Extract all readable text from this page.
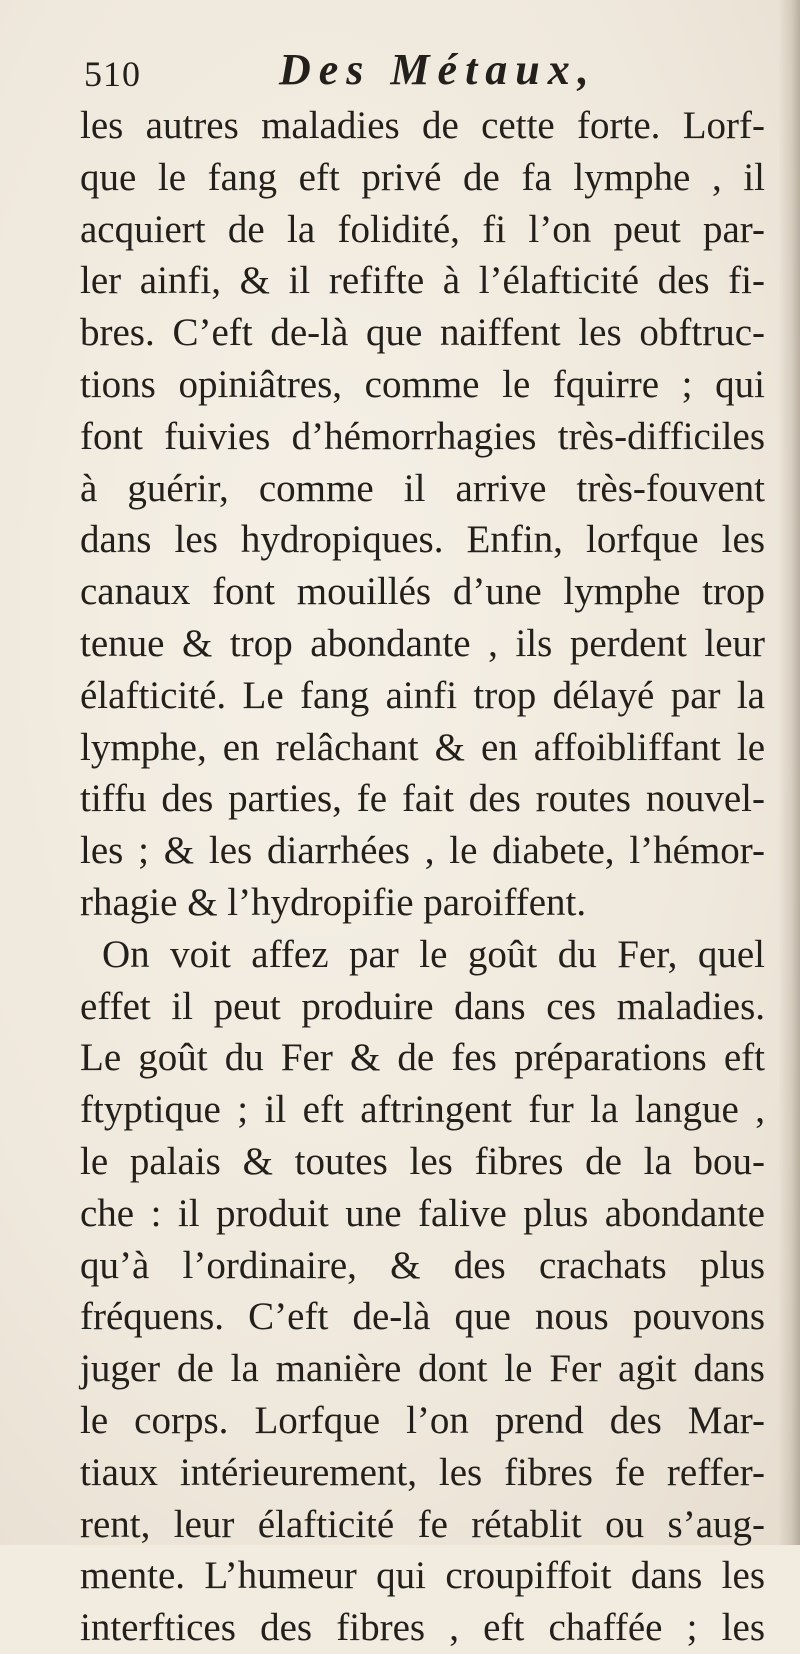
510	Des Métaux,
les autres maladies de cette forte. Lorf-
que le fang eft privé de fa lymphe , il
acquiert de la folidité, fi l’on peut par-
ler ainfi, & il refifte à l’élafticité des fi-
bres. C’eft de-là que naiffent les obftruc-
tions opiniâtres, comme le fquirre ; qui
font fuivies d’hémorrhagies très-difficiles
à guérir, comme il arrive très-fouvent
dans les hydropiques. Enfin, lorfque les
canaux font mouillés d’une lymphe trop
tenue & trop abondante , ils perdent leur
élafticité. Le fang ainfi trop délayé par la
lymphe, en relâchant & en affoibliffant le
tiffu des parties, fe fait des routes nouvel-
les ; & les diarrhées , le diabete, l’hémor-
rhagie & l’hydropifie paroiffent.
On voit affez par le goût du Fer, quel
effet il peut produire dans ces maladies.
Le goût du Fer & de fes préparations eft
ftyptique ; il eft aftringent fur la langue ,
le palais & toutes les fibres de la bou-
che : il produit une falive plus abondante
qu’à l’ordinaire, & des crachats plus
fréquens. C’eft de-là que nous pouvons
juger de la manière dont le Fer agit dans
le corps. Lorfque l’on prend des Mar-
tiaux intérieurement, les fibres fe reffer-
rent, leur élafticité fe rétablit ou s’aug-
mente. L’humeur qui croupiffoit dans les
interftices des fibres , eft chaffée ; les
